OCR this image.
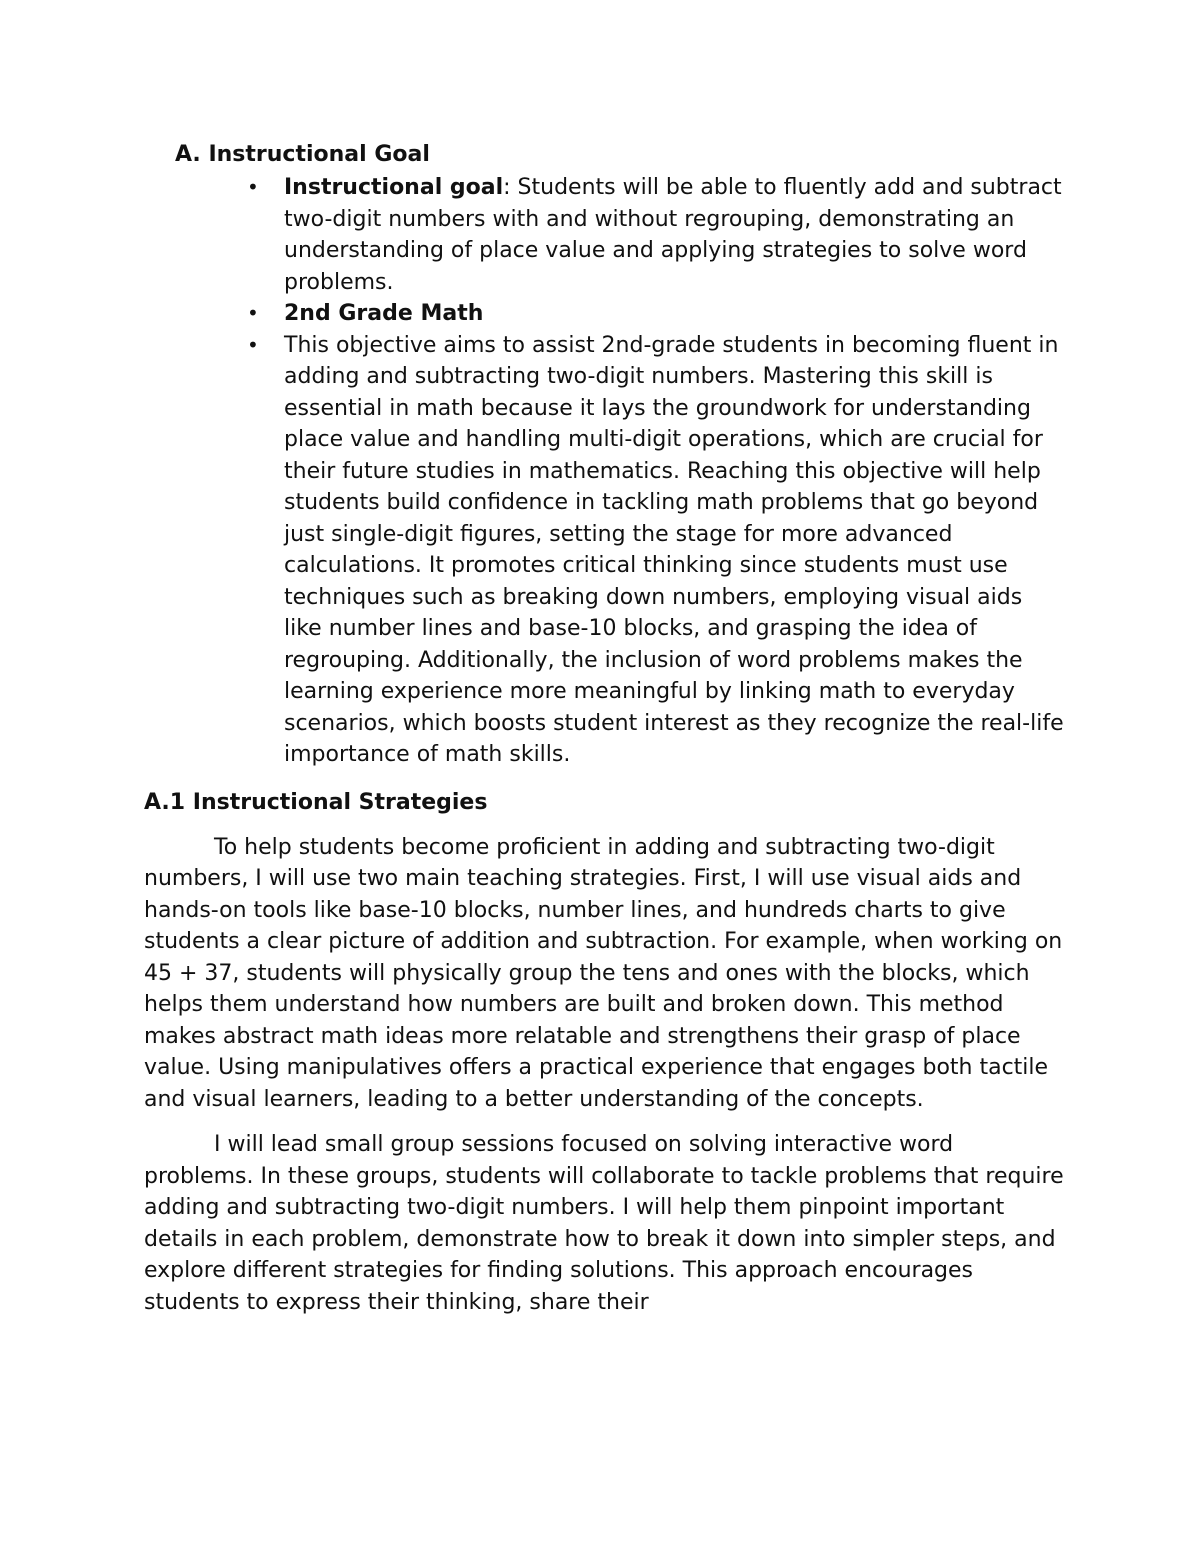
A. Instructional Goal
• Instructional goal: Students will be able to fluently add and subtract two-digit numbers with and without regrouping, demonstrating an understanding of place value and applying strategies to solve word problems.
• 2nd Grade Math
• This objective aims to assist 2nd-grade students in becoming fluent in adding and subtracting two-digit numbers. Mastering this skill is essential in math because it lays the groundwork for understanding place value and handling multi-digit operations, which are crucial for their future studies in mathematics. Reaching this objective will help students build confidence in tackling math problems that go beyond just single-digit figures, setting the stage for more advanced calculations. It promotes critical thinking since students must use techniques such as breaking down numbers, employing visual aids like number lines and base-10 blocks, and grasping the idea of regrouping. Additionally, the inclusion of word problems makes the learning experience more meaningful by linking math to everyday scenarios, which boosts student interest as they recognize the real-life importance of math skills.
A.1 Instructional Strategies

To help students become proficient in adding and subtracting two-digit numbers, I will use two main teaching strategies. First, I will use visual aids and hands-on tools like base-10 blocks, number lines, and hundreds charts to give students a clear picture of addition and subtraction. For example, when working on 45 + 37, students will physically group the tens and ones with the blocks, which helps them understand how numbers are built and broken down. This method makes abstract math ideas more relatable and strengthens their grasp of place value. Using manipulatives offers a practical experience that engages both tactile and visual learners, leading to a better understanding of the concepts.

I will lead small group sessions focused on solving interactive word problems. In these groups, students will collaborate to tackle problems that require adding and subtracting two-digit numbers. I will help them pinpoint important details in each problem, demonstrate how to break it down into simpler steps, and explore different strategies for finding solutions. This approach encourages students to express their thinking, share their
